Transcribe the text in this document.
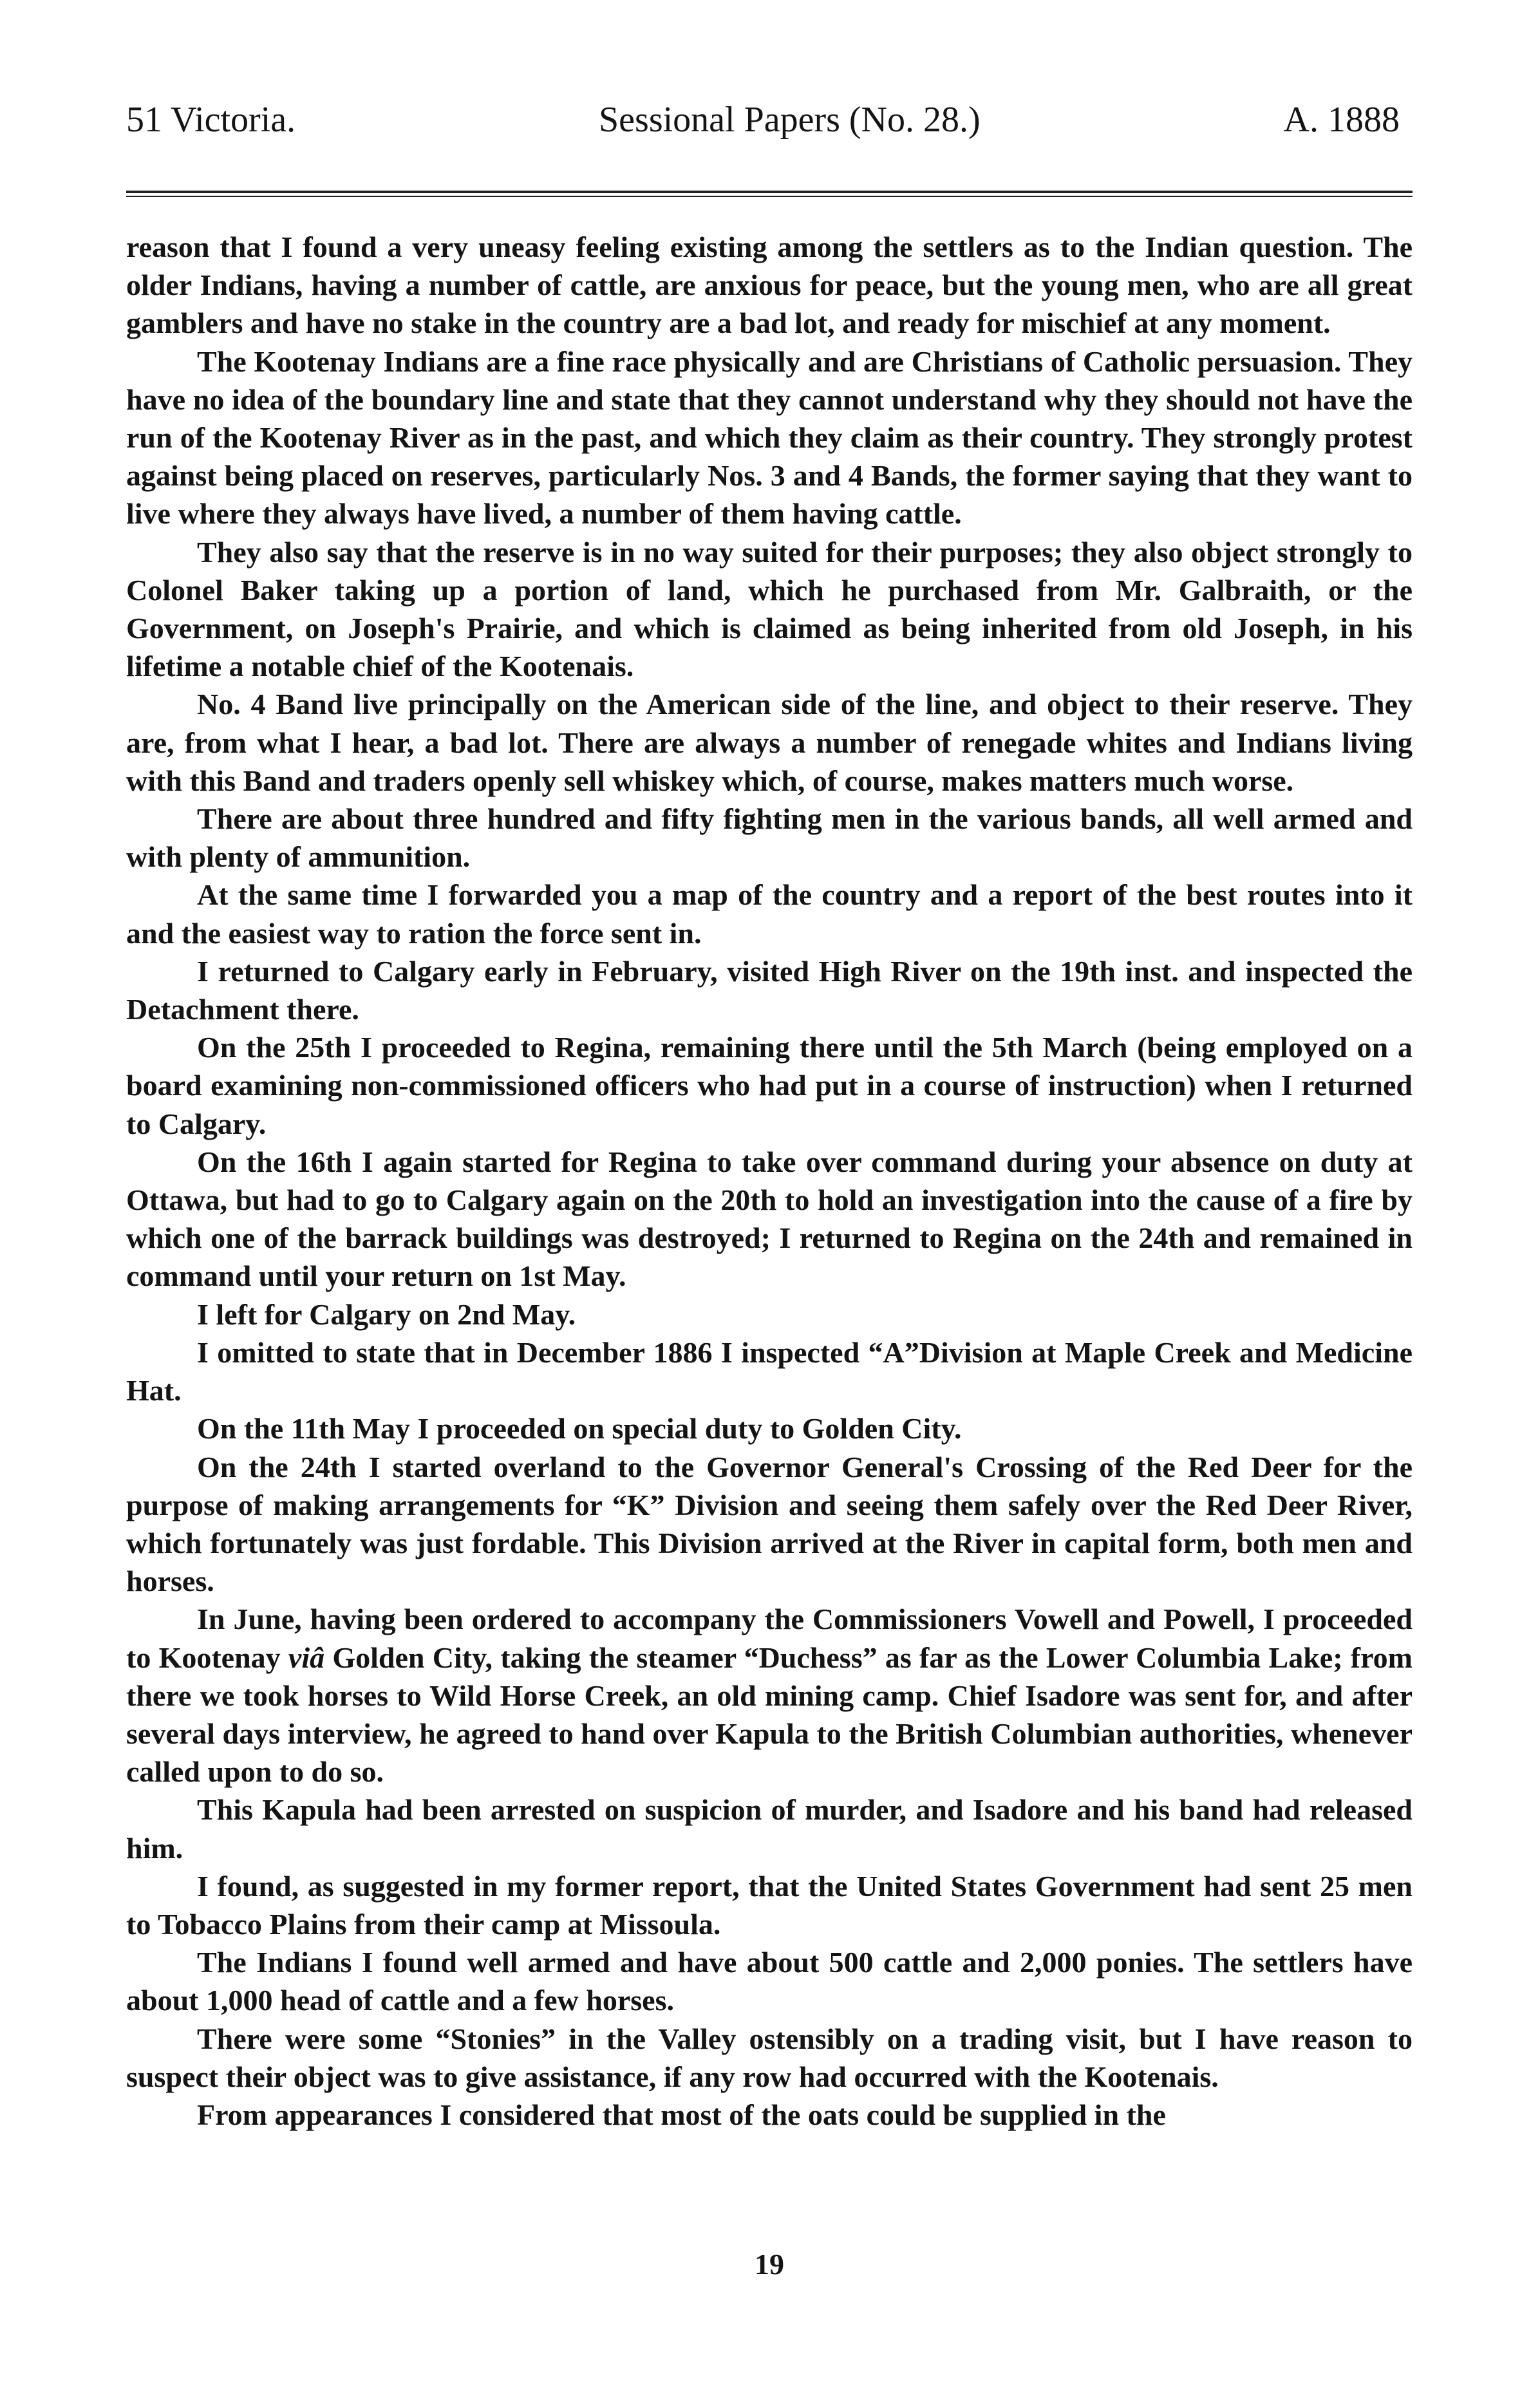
51 Victoria.	Sessional Papers (No. 28.)	A. 1888

reason that I found a very uneasy feeling existing among the settlers as to the Indian question. The older Indians, having a number of cattle, are anxious for peace, but the young men, who are all great gamblers and have no stake in the country are a bad lot, and ready for mischief at any moment.

The Kootenay Indians are a fine race physically and are Christians of Catholic persuasion. They have no idea of the boundary line and state that they cannot understand why they should not have the run of the Kootenay River as in the past, and which they claim as their country. They strongly protest against being placed on reserves, particularly Nos. 3 and 4 Bands, the former saying that they want to live where they always have lived, a number of them having cattle.

They also say that the reserve is in no way suited for their purposes; they also object strongly to Colonel Baker taking up a portion of land, which he purchased from Mr. Galbraith, or the Government, on Joseph's Prairie, and which is claimed as being inherited from old Joseph, in his lifetime a notable chief of the Kootenais.

No. 4 Band live principally on the American side of the line, and object to their reserve. They are, from what I hear, a bad lot. There are always a number of renegade whites and Indians living with this Band and traders openly sell whiskey which, of course, makes matters much worse.

There are about three hundred and fifty fighting men in the various bands, all well armed and with plenty of ammunition.

At the same time I forwarded you a map of the country and a report of the best routes into it and the easiest way to ration the force sent in.

I returned to Calgary early in February, visited High River on the 19th inst. and inspected the Detachment there.

On the 25th I proceeded to Regina, remaining there until the 5th March (being employed on a board examining non-commissioned officers who had put in a course of instruction) when I returned to Calgary.

On the 16th I again started for Regina to take over command during your absence on duty at Ottawa, but had to go to Calgary again on the 20th to hold an investigation into the cause of a fire by which one of the barrack buildings was destroyed; I returned to Regina on the 24th and remained in command until your return on 1st May.

I left for Calgary on 2nd May.

I omitted to state that in December 1886 I inspected “A”Division at Maple Creek and Medicine Hat.

On the 11th May I proceeded on special duty to Golden City.

On the 24th I started overland to the Governor General's Crossing of the Red Deer for the purpose of making arrangements for “K” Division and seeing them safely over the Red Deer River, which fortunately was just fordable. This Division arrived at the River in capital form, both men and horses.

In June, having been ordered to accompany the Commissioners Vowell and Powell, I proceeded to Kootenay viâ Golden City, taking the steamer “Duchess” as far as the Lower Columbia Lake; from there we took horses to Wild Horse Creek, an old mining camp. Chief Isadore was sent for, and after several days interview, he agreed to hand over Kapula to the British Columbian authorities, whenever called upon to do so.

This Kapula had been arrested on suspicion of murder, and Isadore and his band had released him.

I found, as suggested in my former report, that the United States Government had sent 25 men to Tobacco Plains from their camp at Missoula.

The Indians I found well armed and have about 500 cattle and 2,000 ponies. The settlers have about 1,000 head of cattle and a few horses.

There were some “Stonies” in the Valley ostensibly on a trading visit, but I have reason to suspect their object was to give assistance, if any row had occurred with the Kootenais.

From appearances I considered that most of the oats could be supplied in the

19
